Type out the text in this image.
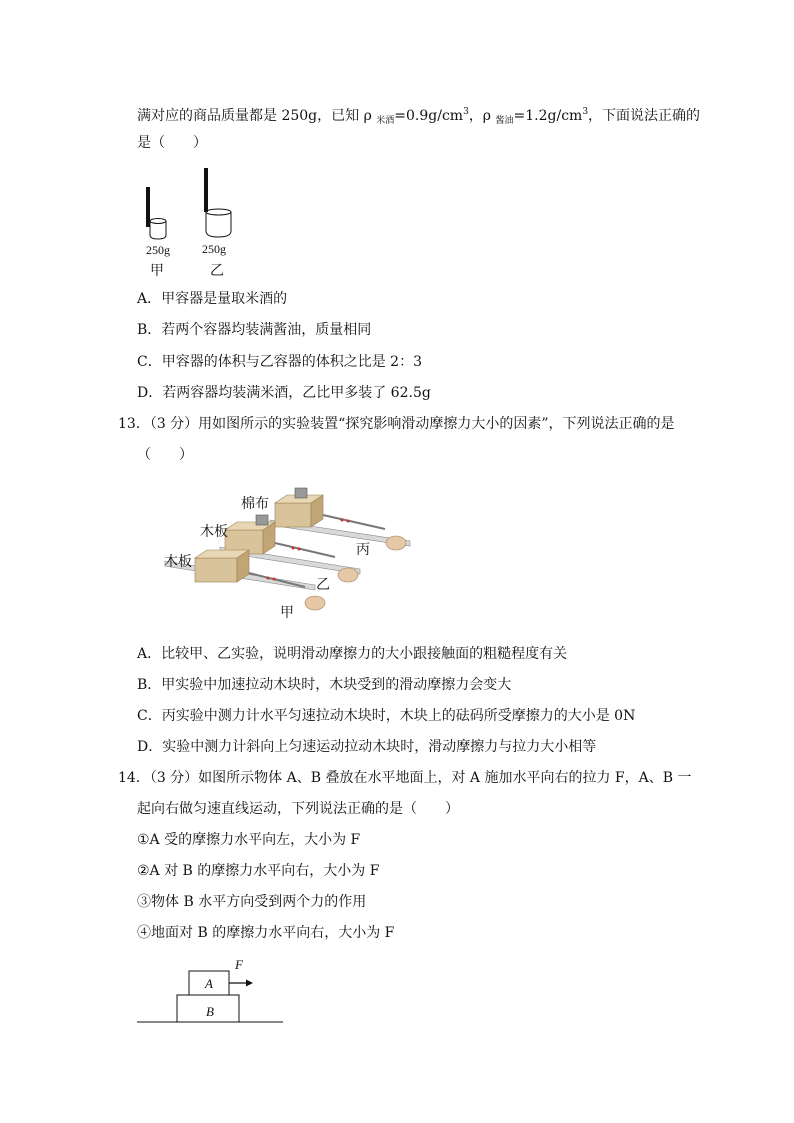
满对应的商品质量都是 250g，已知 ρ $_{米酒}=0.9g/cm^3$，ρ $_{酱油}=1.2g/cm^3$，下面说法正确的
是（　　）
250g	250g
甲	乙
A．甲容器是量取米酒的
B．若两个容器均装满酱油，质量相同
C．甲容器的体积与乙容器的体积之比是 2：3
D．若两容器均装满米酒，乙比甲多装了 62.5g
13．（3 分）用如图所示的实验装置“探究影响滑动摩擦力大小的因素”，下列说法正确的是
（　　）
棉布
木板
木板
丙
乙
甲
A．比较甲、乙实验，说明滑动摩擦力的大小跟接触面的粗糙程度有关
B．甲实验中加速拉动木块时，木块受到的滑动摩擦力会变大
C．丙实验中测力计水平匀速拉动木块时，木块上的砝码所受摩擦力的大小是 0N
D．实验中测力计斜向上匀速运动拉动木块时，滑动摩擦力与拉力大小相等
14．（3 分）如图所示物体 A、B 叠放在水平地面上，对 A 施加水平向右的拉力 F，A、B 一
起向右做匀速直线运动，下列说法正确的是（　　）
①A 受的摩擦力水平向左，大小为 F
②A 对 B 的摩擦力水平向右，大小为 F
③物体 B 水平方向受到两个力的作用
④地面对 B 的摩擦力水平向右，大小为 F
F
A
B
